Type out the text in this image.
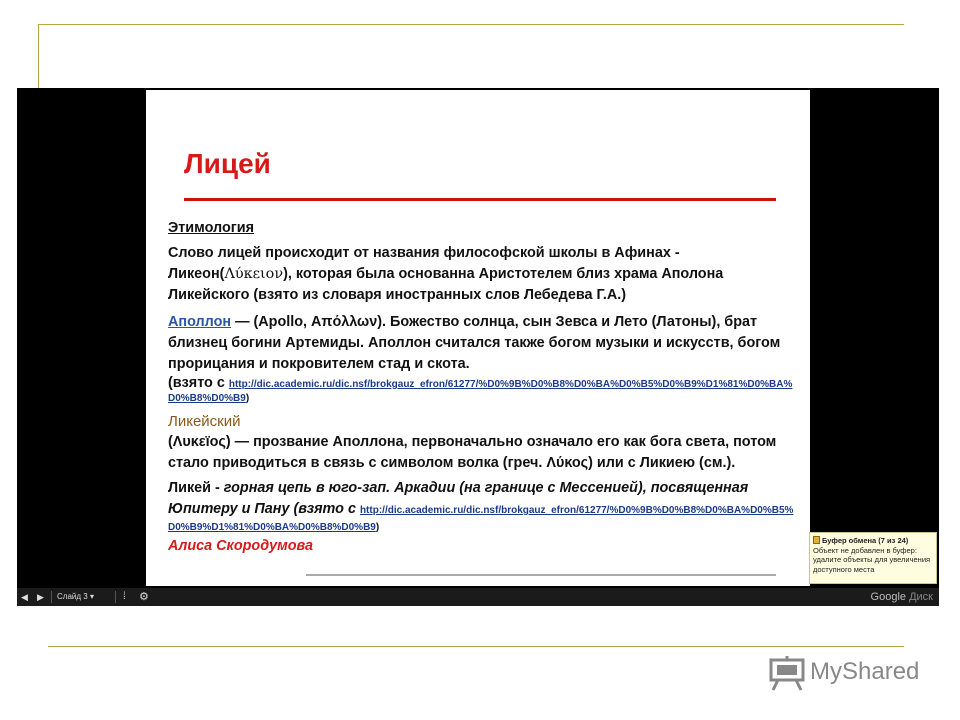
Лицей

Этимология

Слово лицей происходит от названия философской школы в Афинах - Ликеон(Λύκειον), которая была основанна Аристотелем близ храма Аполона Ликейского (взято из словаря иностранных слов Лебедева Г.А.)

Аполлон — (Apollo, Απόλλων). Божество солнца, сын Зевса и Лето (Латоны), брат близнец богини Артемиды. Аполлон считался также богом музыки и искусств, богом прорицания и покровителем стад и скота.

(взято с http://dic.academic.ru/dic.nsf/brokgauz_efron/61277/%D0%9B%D0%B8%D0%BA%D0%B5%D0%B9%D1%81%D0%BA%D0%B8%D0%B9)

Ликейский

(Λυκεïος) — прозвание Аполлона, первоначально означало его как бога света, потом стало приводиться в связь с символом волка (греч. Λύκος) или с Ликиею (см.).

Ликей - горная цепь в юго-зап. Аркадии (на границе с Мессенией), посвященная Юпитеру и Пану (взято с http://dic.academic.ru/dic.nsf/brokgauz_efron/61277/%D0%9B%D0%B8%D0%BA%D0%B5%D0%B9%D1%81%D0%BA%D0%B8%D0%B9)

Алиса Скородумова

◀ ▶ Слайд 3 ▾	⁞ ⚙	Google Диск
Буфер обмена (7 из 24)
Объект не добавлен в буфер: удалите объекты для увеличения доступного места
MyShared
